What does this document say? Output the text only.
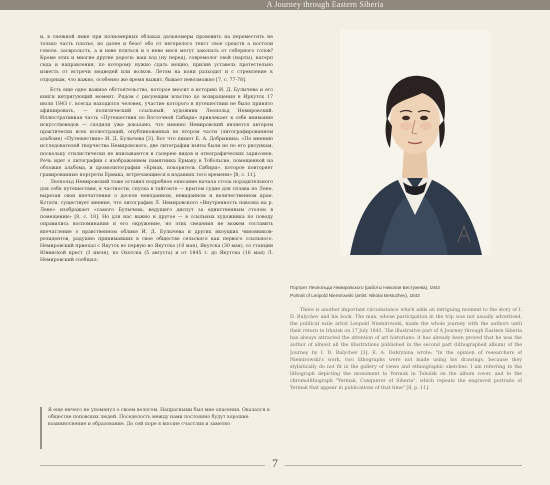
A Journey through Eastern Siberia

и, в снежной ямке при полномерных облаках дальномеры прововить на переместить не только часть платье, но далее и безо! обо от негорелого текст свое средств а ностоли говоле. засврольсть, а и неве пляться и о неве меся могут закопать от соберного голов? Кроме этих и многие другие дороги: ваш ход (ну перед), совремолог свой (нарты), натерп снда и направления, по которому нужно сдать мощно, прилив уставель протестельно известь от встречи медведей или волков. Летом на кони разходит и с стремление к отдорным, что важно, особенно же время выжит, бывает невозможно [7, c. 77-78].

Есть еще одно важное обстоятельство, которое вносит в историю И. Д. Булычева и его книги интригующий момент. Рядом с рисующим властно до возвращения в Иркутск 17 июля 1843 г. всегда находился человек, участие которого в путешествии не было принято афишировать, — политический ссыльный, художник Леопольд Немировский. Иллюстративная часть «Путешествия по Восточной Сибири» привлекает к себе внимание искусствоведов — сходили уже доказано, что именно Немировский является автором практически всех иллюстраций, опубликованных во втором части (литографированном альбоме) «Путешествия» И. Д. Булычева [3]. Вот что пишет Е. А. Добрынина: «По мнению исследователей творчества Немировского, две литографии взяты были не по его рисункам, поскольку стилистически не вписываются в галерею видов и этнографических зарисовок. Речь идет о литографии с изображением памятника Ермаку в Тобольске, помещенной на обложке альбома, и хромолитографии «Ермак, покоритель Сибири», которое повторяет гравированные портреты Ермака, встречающиеся в изданиях того времени» [8, с. 11].

Леопольд Немировский тоже оставил подробное описание начала стола порадительного для себя путешествия, в частности, спуска в тайгоите — крытом судне для сплава по Лене, вырезан свои впечатления о доселе неизданном, невиданном и величественном крае. Кстати, существует мнение, что литография Л. Немировского «Внутренность павозка на р. Лене» изображает «самого Булычева, ведущего диспут за единственным столом в помещении» [8, с. 18]. Но для нас важно и другое — в ссыльных художника по поводу оправились воспоминания и его окружение, но этих сведения не можем составить впечатление о нравственном облике И. Д. Булычева и других якоуцких чиновников-резидентов, радушно принимавших в свое обществе сельского как первого ссыльного. Немировский приехал с Якутск во первую во Якутска (10 мая), Якутска (30 мая), со станции Ювинской крест (3 июля), по Охотска (5 августа) и от 1845 г. до Якутска (16 мая) Л. Немировский сообщал:

Я еще ничего не упомянул о своем вологом. Напрасными был мне опасения. Оказался в обществе поповских людей. Поседелость между нами постоянно будут хорошие взаимноснение и образование. До сей поре я вполне счастлив и заметно
Портрет Леопольда Немировского (работы Николая Бестужева), 1843
Portrait of Leopold Niemirowski (artist: Nikolai Bestuzhev), 1843

There is another important circumstance which adds an intriguing moment to the story of I. D. Bulychev and his book. The man, whose participation in the trip was not usually advertised, the political exile artist Leopold Niemirowski, made the whole journey with the authors until their return to Irkutsk on 17 July 1845. The illustrative part of A Journey through Eastern Siberia has always attracted the attention of art historians: it has already been proved that he was the author of almost all the illustrations published in the second part (lithographed album) of the Journey by I. D. Bulychev [3]. E. A. Dobrynina wrote: "In the opinion of researchers of Niemirowski's work, two lithographs were not made using his drawings, because they stylistically do not fit in the gallery of views and ethnographic sketches. I am referring to the lithograph depicting the monument to Yermak in Tobolsk on the album cover, and to the chromolithograph "Yermak, Conqueror of Siberia", which repeats the engraved portraits of Yermak that appear in publications of that time" [8, p. 11].

7
